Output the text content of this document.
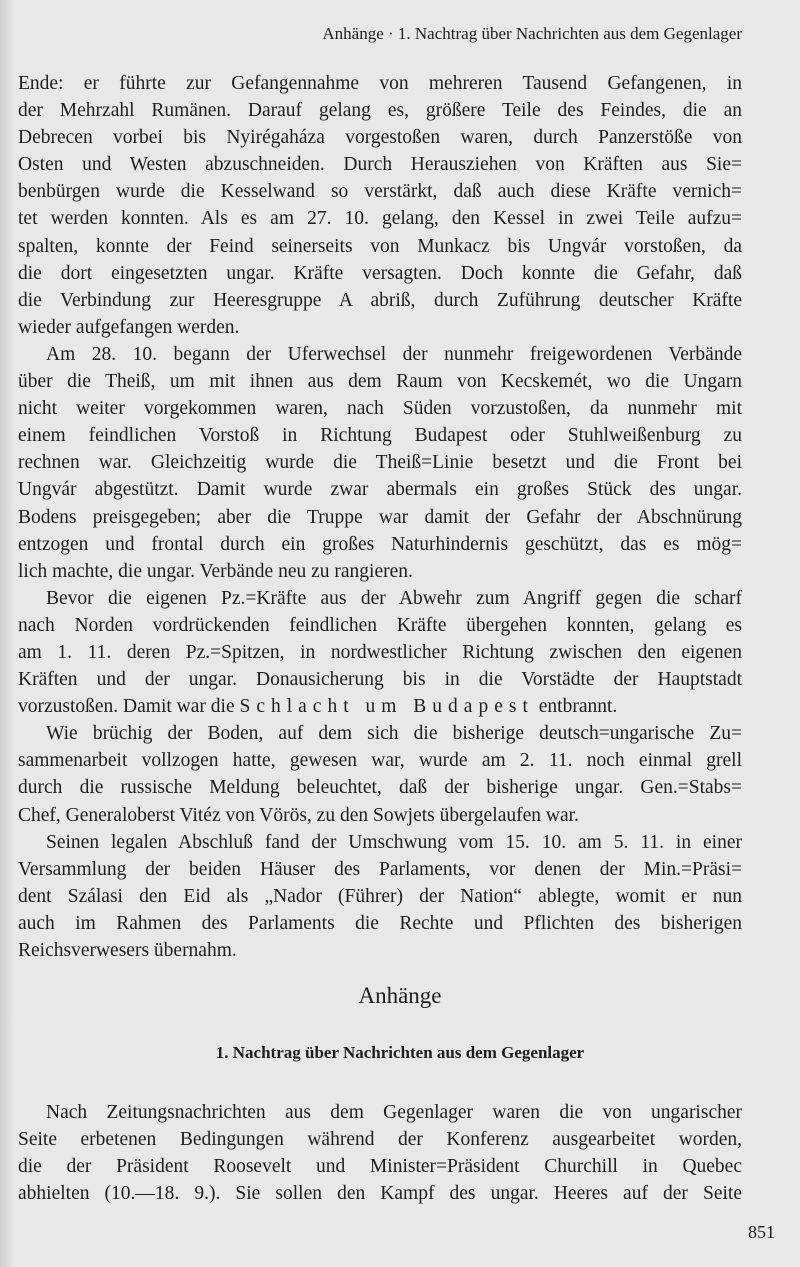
Anhänge · 1. Nachtrag über Nachrichten aus dem Gegenlager
Ende: er führte zur Gefangennahme von mehreren Tausend Gefangenen, in
der Mehrzahl Rumänen. Darauf gelang es, größere Teile des Feindes, die an
Debrecen vorbei bis Nyirégaháza vorgestoßen waren, durch Panzerstöße von
Osten und Westen abzuschneiden. Durch Herausziehen von Kräften aus Sie=
benbürgen wurde die Kesselwand so verstärkt, daß auch diese Kräfte vernich=
tet werden konnten. Als es am 27. 10. gelang, den Kessel in zwei Teile aufzu=
spalten, konnte der Feind seinerseits von Munkacz bis Ungvár vorstoßen, da
die dort eingesetzten ungar. Kräfte versagten. Doch konnte die Gefahr, daß
die Verbindung zur Heeresgruppe A abriß, durch Zuführung deutscher Kräfte
wieder aufgefangen werden.
Am 28. 10. begann der Uferwechsel der nunmehr freigewordenen Verbände
über die Theiß, um mit ihnen aus dem Raum von Kecskemét, wo die Ungarn
nicht weiter vorgekommen waren, nach Süden vorzustoßen, da nunmehr mit
einem feindlichen Vorstoß in Richtung Budapest oder Stuhlweißenburg zu
rechnen war. Gleichzeitig wurde die Theiß=Linie besetzt und die Front bei
Ungvár abgestützt. Damit wurde zwar abermals ein großes Stück des ungar.
Bodens preisgegeben; aber die Truppe war damit der Gefahr der Abschnürung
entzogen und frontal durch ein großes Naturhindernis geschützt, das es mög=
lich machte, die ungar. Verbände neu zu rangieren.
Bevor die eigenen Pz.=Kräfte aus der Abwehr zum Angriff gegen die scharf
nach Norden vordrückenden feindlichen Kräfte übergehen konnten, gelang es
am 1. 11. deren Pz.=Spitzen, in nordwestlicher Richtung zwischen den eigenen
Kräften und der ungar. Donausicherung bis in die Vorstädte der Hauptstadt
vorzustoßen. Damit war die Schlacht um Budapest entbrannt.
Wie brüchig der Boden, auf dem sich die bisherige deutsch=ungarische Zu=
sammenarbeit vollzogen hatte, gewesen war, wurde am 2. 11. noch einmal grell
durch die russische Meldung beleuchtet, daß der bisherige ungar. Gen.=Stabs=
Chef, Generaloberst Vitéz von Vörös, zu den Sowjets übergelaufen war.
Seinen legalen Abschluß fand der Umschwung vom 15. 10. am 5. 11. in einer
Versammlung der beiden Häuser des Parlaments, vor denen der Min.=Präsi=
dent Szálasi den Eid als „Nador (Führer) der Nation“ ablegte, womit er nun
auch im Rahmen des Parlaments die Rechte und Pflichten des bisherigen
Reichsverwesers übernahm.
Anhänge
1. Nachtrag über Nachrichten aus dem Gegenlager
Nach Zeitungsnachrichten aus dem Gegenlager waren die von ungarischer
Seite erbetenen Bedingungen während der Konferenz ausgearbeitet worden,
die der Präsident Roosevelt und Minister=Präsident Churchill in Quebec
abhielten (10.—18. 9.). Sie sollen den Kampf des ungar. Heeres auf der Seite
851
